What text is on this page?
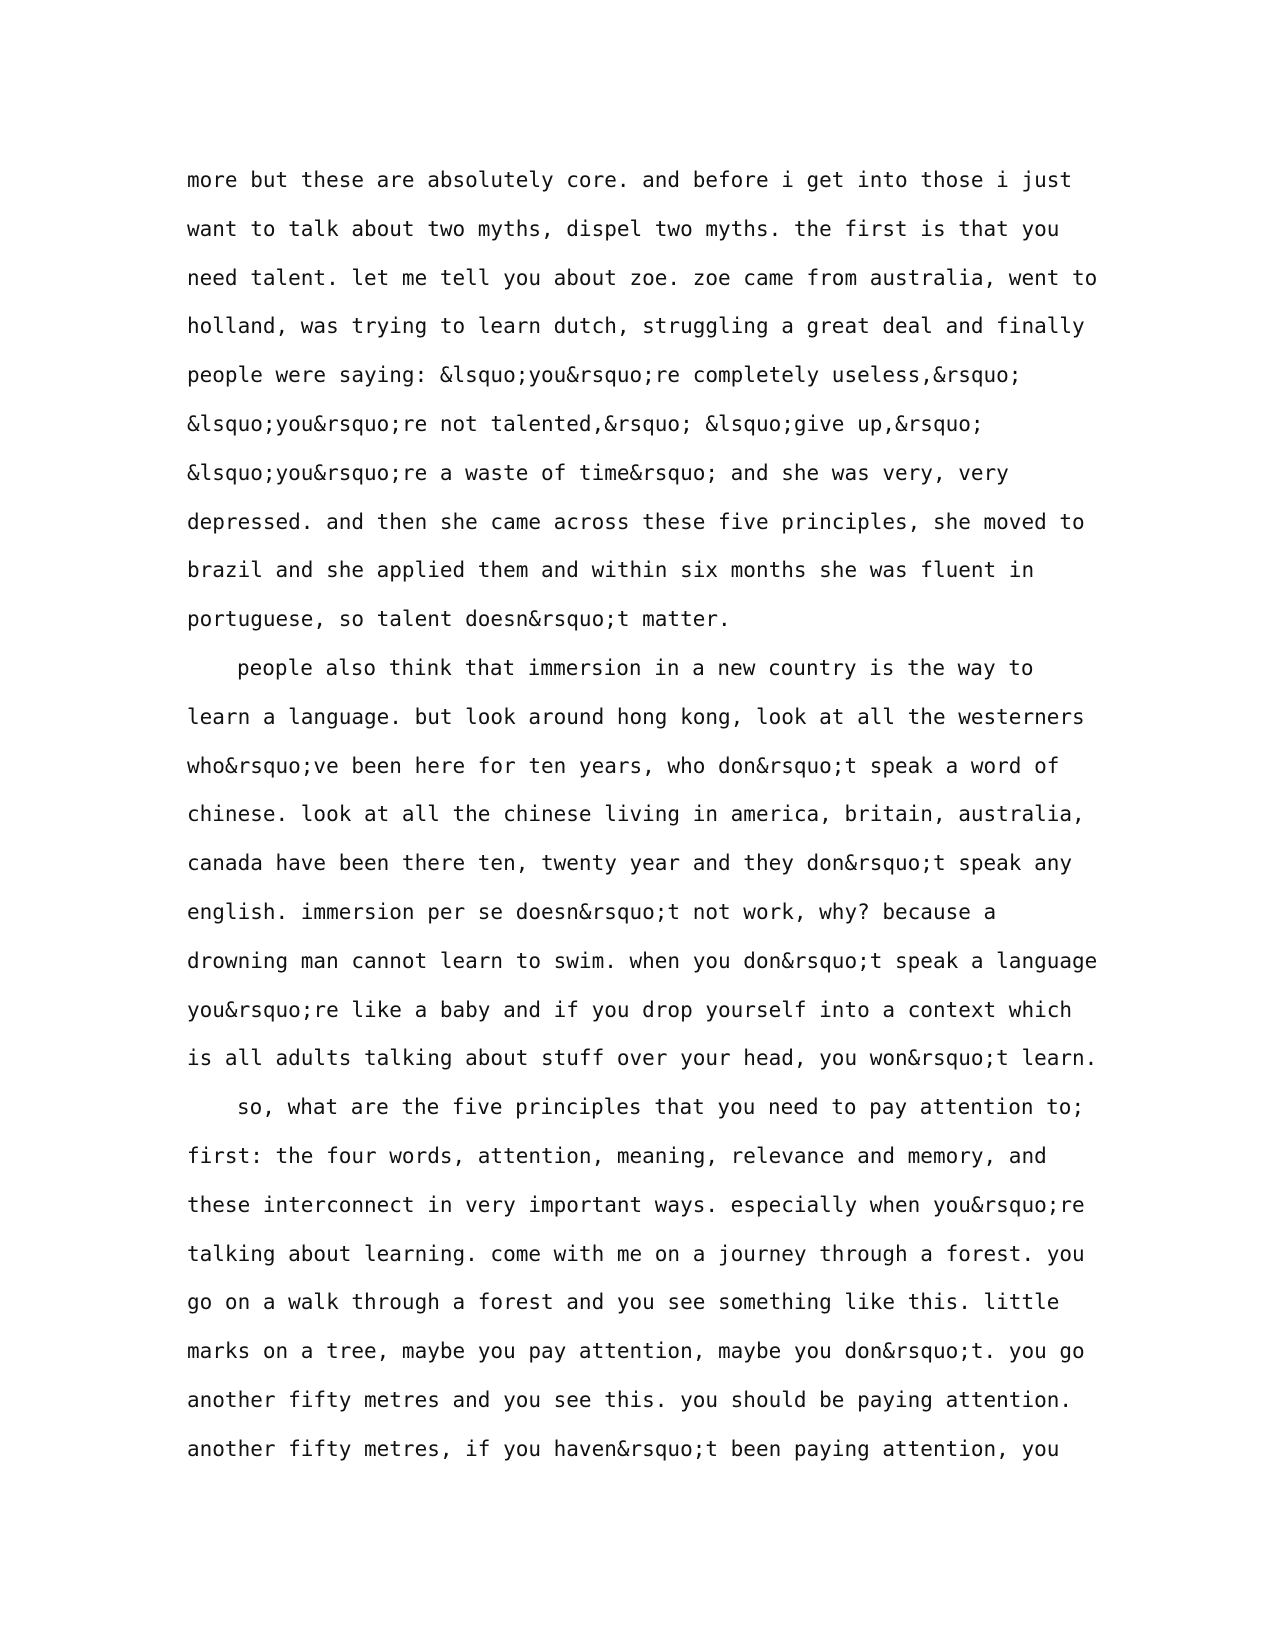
more but these are absolutely core. and before i get into those i just
want to talk about two myths, dispel two myths. the first is that you
need talent. let me tell you about zoe. zoe came from australia, went to
holland, was trying to learn dutch, struggling a great deal and finally
people were saying: &lsquo;you&rsquo;re completely useless,&rsquo;
&lsquo;you&rsquo;re not talented,&rsquo; &lsquo;give up,&rsquo;
&lsquo;you&rsquo;re a waste of time&rsquo; and she was very, very
depressed. and then she came across these five principles, she moved to
brazil and she applied them and within six months she was fluent in
portuguese, so talent doesn&rsquo;t matter.
people also think that immersion in a new country is the way to
learn a language. but look around hong kong, look at all the westerners
who&rsquo;ve been here for ten years, who don&rsquo;t speak a word of
chinese. look at all the chinese living in america, britain, australia,
canada have been there ten, twenty year and they don&rsquo;t speak any
english. immersion per se doesn&rsquo;t not work, why? because a
drowning man cannot learn to swim. when you don&rsquo;t speak a language
you&rsquo;re like a baby and if you drop yourself into a context which
is all adults talking about stuff over your head, you won&rsquo;t learn.
so, what are the five principles that you need to pay attention to;
first: the four words, attention, meaning, relevance and memory, and
these interconnect in very important ways. especially when you&rsquo;re
talking about learning. come with me on a journey through a forest. you
go on a walk through a forest and you see something like this. little
marks on a tree, maybe you pay attention, maybe you don&rsquo;t. you go
another fifty metres and you see this. you should be paying attention.
another fifty metres, if you haven&rsquo;t been paying attention, you
